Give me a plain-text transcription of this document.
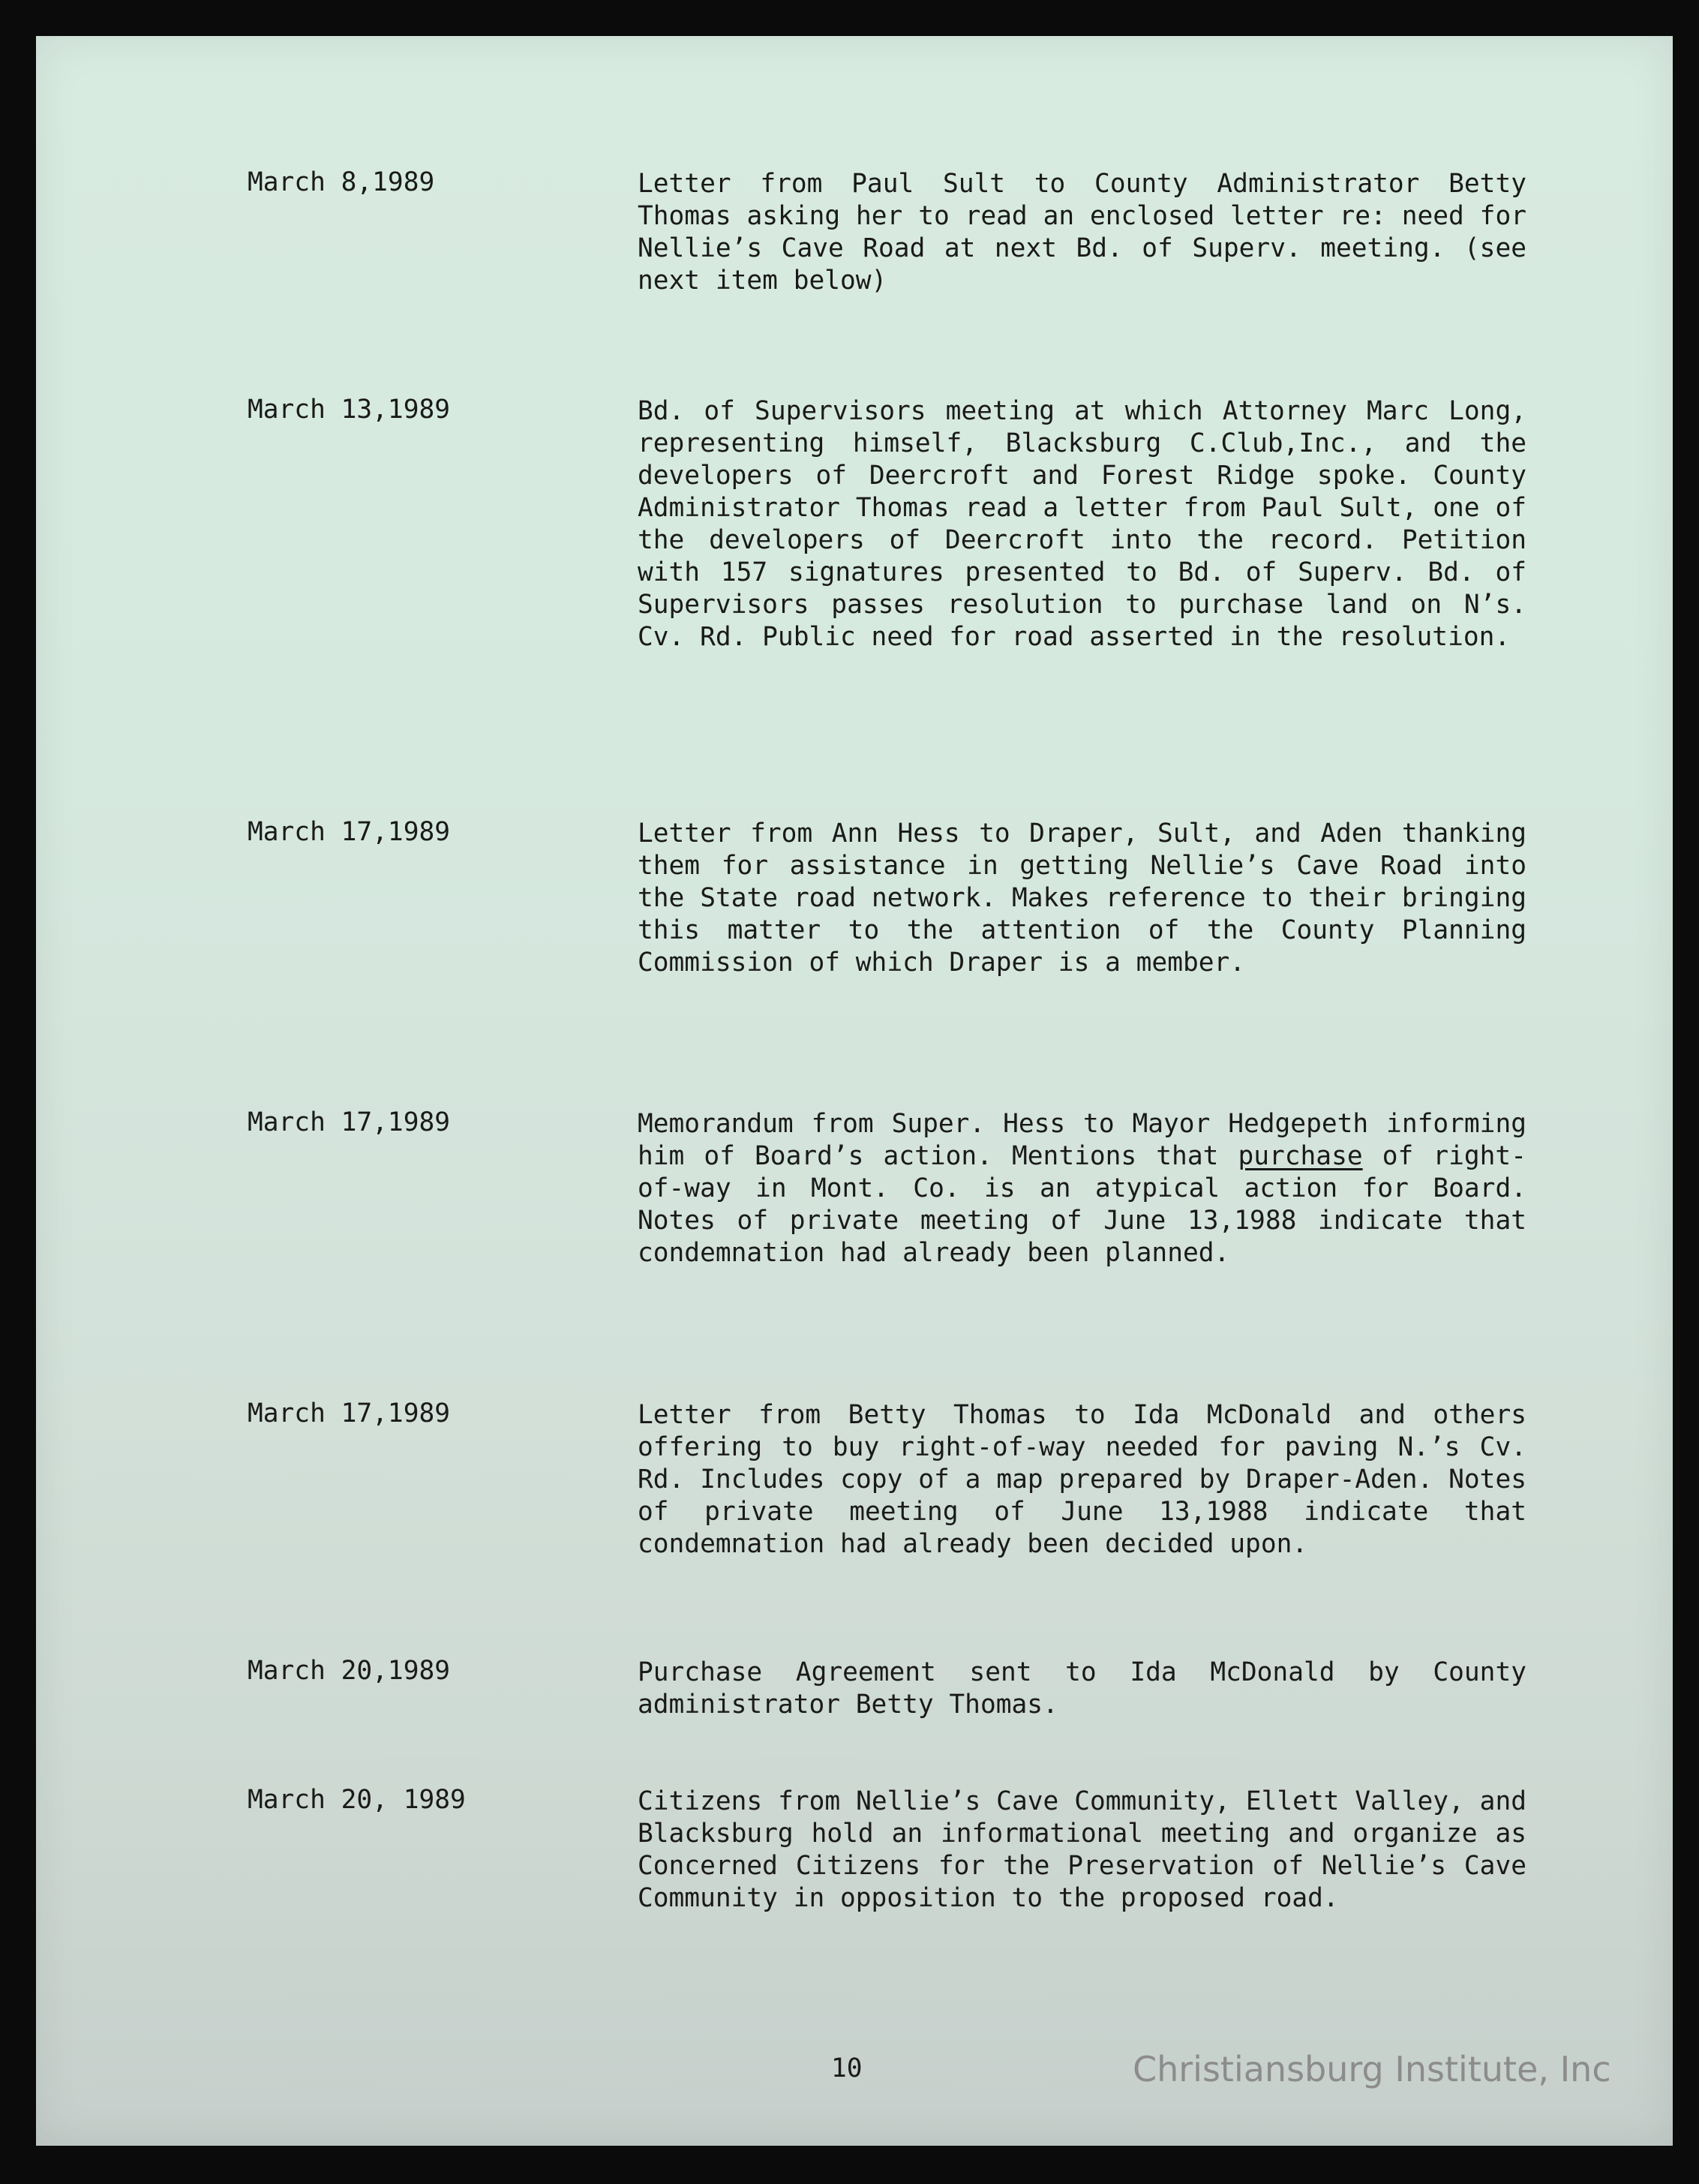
March 8,1989	Letter from Paul Sult to County Administrator Betty Thomas asking her to read an enclosed letter re: need for Nellie’s Cave Road at next Bd. of Superv. meeting. (see next item below)
March 13,1989	Bd. of Supervisors meeting at which Attorney Marc Long, representing himself, Blacksburg C.Club,Inc., and the developers of Deercroft and Forest Ridge spoke. County Administrator Thomas read a letter from Paul Sult, one of the developers of Deercroft into the record. Petition with 157 signatures presented to Bd. of Superv. Bd. of Supervisors passes resolution to purchase land on N’s. Cv. Rd. Public need for road asserted in the resolution.
March 17,1989	Letter from Ann Hess to Draper, Sult, and Aden thanking them for assistance in getting Nellie’s Cave Road into the State road network. Makes reference to their bringing this matter to the attention of the County Planning Commission of which Draper is a member.
March 17,1989	Memorandum from Super. Hess to Mayor Hedgepeth informing him of Board’s action. Mentions that purchase of right-of-way in Mont. Co. is an atypical action for Board. Notes of private meeting of June 13,1988 indicate that condemnation had already been planned.
March 17,1989	Letter from Betty Thomas to Ida McDonald and others offering to buy right-of-way needed for paving N.’s Cv. Rd. Includes copy of a map prepared by Draper-Aden. Notes of private meeting of June 13,1988 indicate that condemnation had already been decided upon.
March 20,1989	Purchase Agreement sent to Ida McDonald by County administrator Betty Thomas.
March 20, 1989	Citizens from Nellie’s Cave Community, Ellett Valley, and Blacksburg hold an informational meeting and organize as Concerned Citizens for the Preservation of Nellie’s Cave Community in opposition to the proposed road.
10	Christiansburg Institute, Inc
